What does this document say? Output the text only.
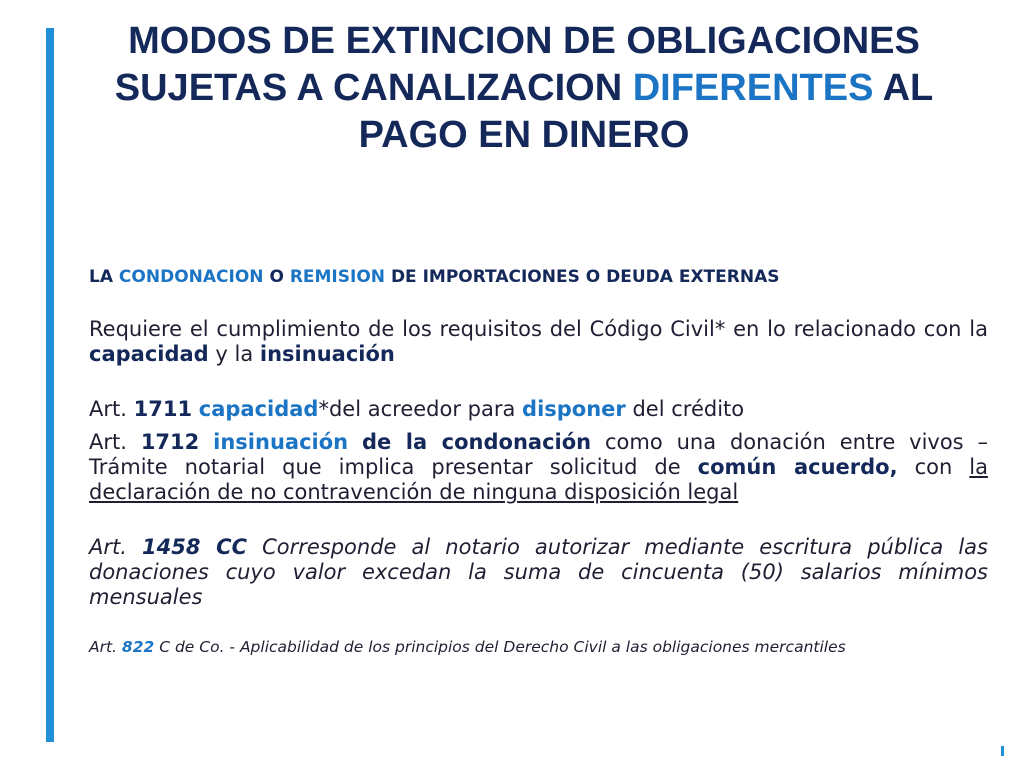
MODOS DE EXTINCION DE OBLIGACIONES SUJETAS A CANALIZACION DIFERENTES AL PAGO EN DINERO
LA CONDONACION O REMISION DE IMPORTACIONES O DEUDA EXTERNAS
Requiere el cumplimiento de los requisitos del Código Civil* en lo relacionado con la capacidad y la insinuación
Art. 1711 capacidad*del acreedor para disponer del crédito
Art. 1712 insinuación de la condonación como una donación entre vivos – Trámite notarial que implica presentar solicitud de común acuerdo, con la declaración de no contravención de ninguna disposición legal
Art. 1458 CC Corresponde al notario autorizar mediante escritura pública las donaciones cuyo valor excedan la suma de cincuenta (50) salarios mínimos mensuales
Art. 822 C de Co. - Aplicabilidad de los principios del Derecho Civil a las obligaciones mercantiles
